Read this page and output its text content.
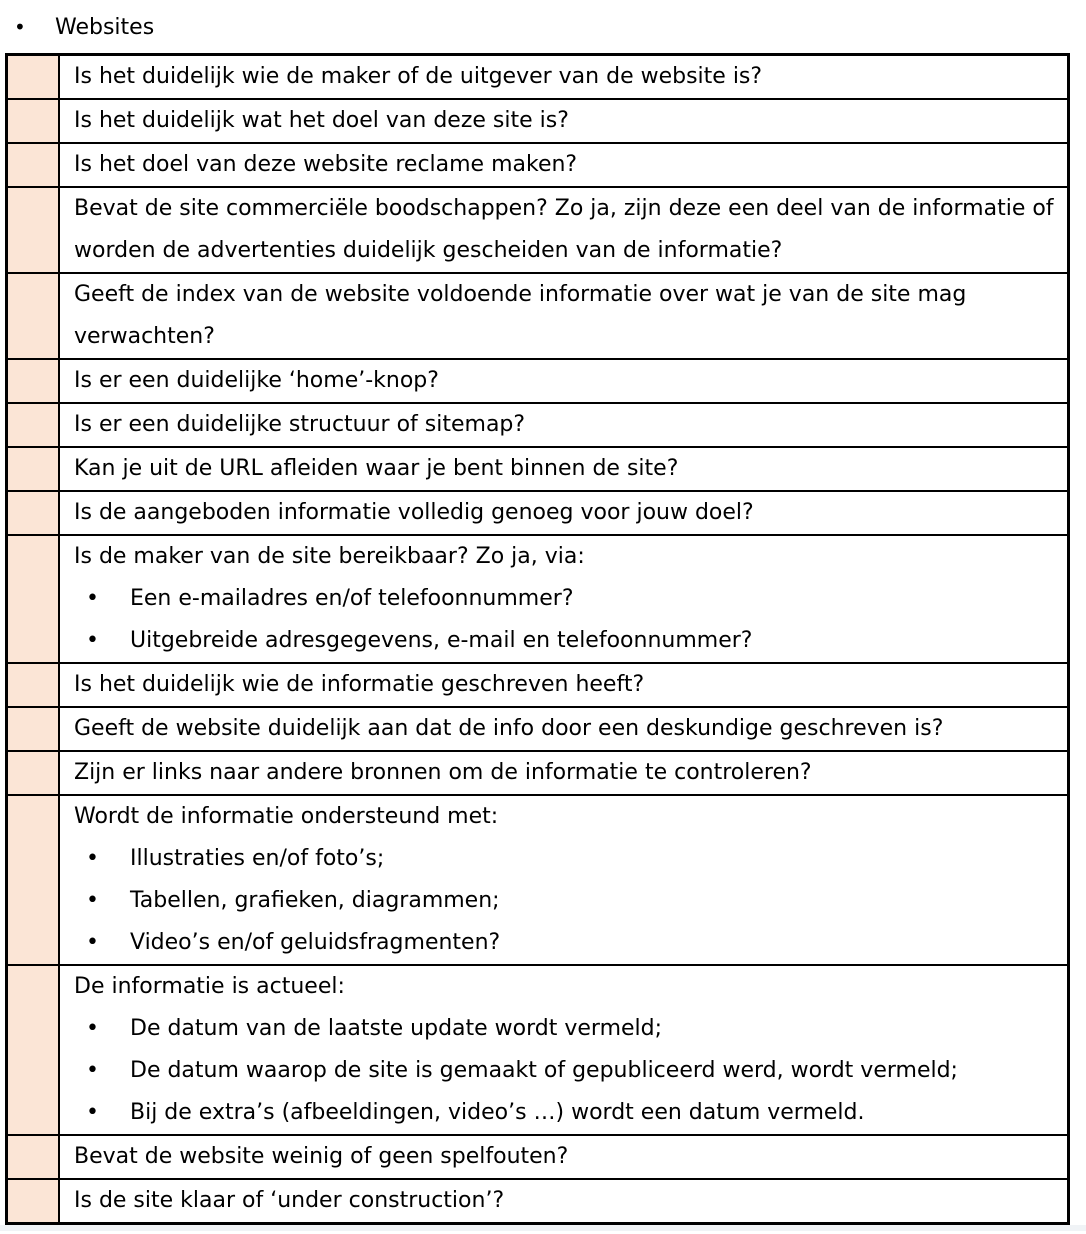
•	Websites

	Is het duidelijk wie de maker of de uitgever van de website is?

	Is het duidelijk wat het doel van deze site is?

	Is het doel van deze website reclame maken?

	Bevat de site commerciële boodschappen? Zo ja, zijn deze een deel van de informatie of worden de advertenties duidelijk gescheiden van de informatie?

	Geeft de index van de website voldoende informatie over wat je van de site mag verwachten?

	Is er een duidelijke ‘home’-knop?

	Is er een duidelijke structuur of sitemap?

	Kan je uit de URL afleiden waar je bent binnen de site?

	Is de aangeboden informatie volledig genoeg voor jouw doel?

Is de maker van de site bereikbaar? Zo ja, via:
• Een e-mailadres en/of telefoonnummer?
• Uitgebreide adresgegevens, e-mail en telefoonnummer?

	Is het duidelijk wie de informatie geschreven heeft?

	Geeft de website duidelijk aan dat de info door een deskundige geschreven is?

	Zijn er links naar andere bronnen om de informatie te controleren?

Wordt de informatie ondersteund met:
• Illustraties en/of foto’s;
• Tabellen, grafieken, diagrammen;
• Video’s en/of geluidsfragmenten?

De informatie is actueel:
• De datum van de laatste update wordt vermeld;
• De datum waarop de site is gemaakt of gepubliceerd werd, wordt vermeld;
• Bij de extra’s (afbeeldingen, video’s …) wordt een datum vermeld.

	Bevat de website weinig of geen spelfouten?

	Is de site klaar of ‘under construction’?
